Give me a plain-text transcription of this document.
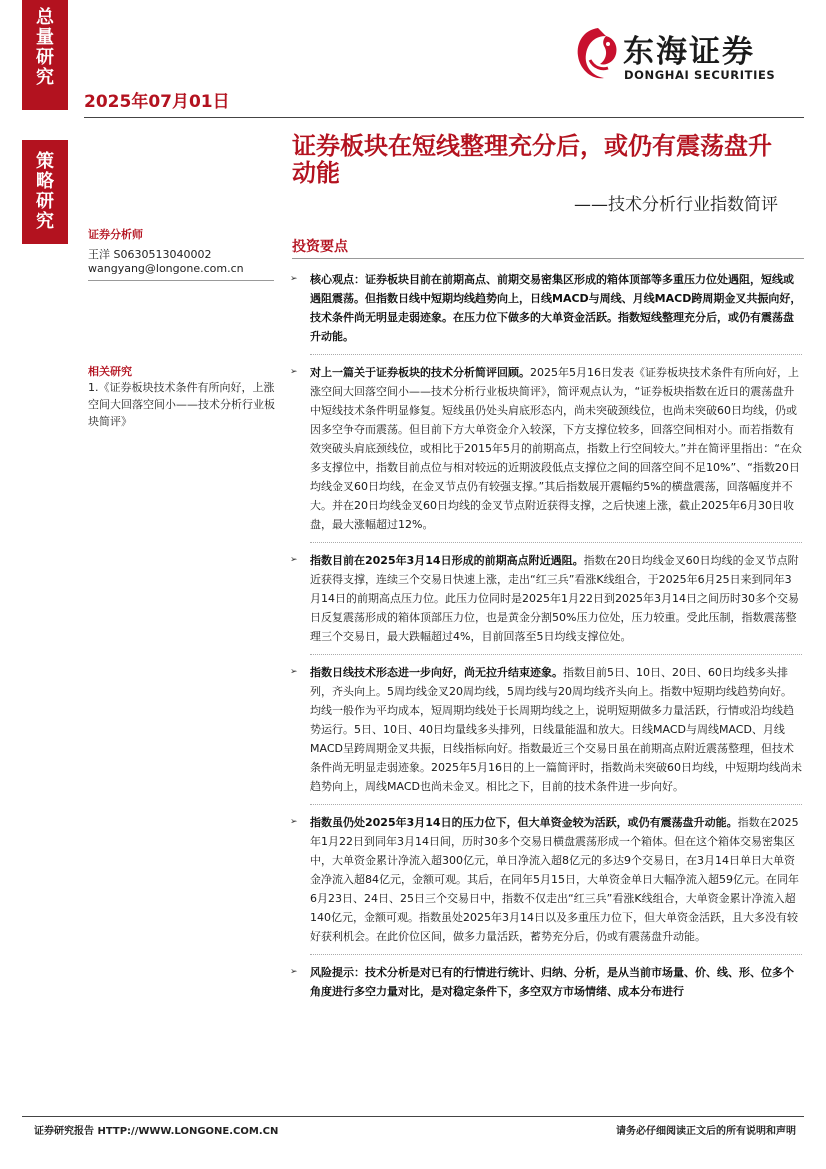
总
量
研
究
策
略
研
究
2025年07月01日
东海证券
DONGHAI SECURITIES
证券板块在短线整理充分后，或仍有震荡盘升动能
——技术分析行业指数简评
证券分析师
王洋 S0630513040002
wangyang@longone.com.cn
相关研究
1.《证券板块技术条件有所向好，上涨空间大回落空间小——技术分析行业板块简评》
投资要点
➢ 核心观点：证券板块目前在前期高点、前期交易密集区形成的箱体顶部等多重压力位处遇阻，短线或遇阻震荡。但指数日线中短期均线趋势向上，日线MACD与周线、月线MACD跨周期金叉共振向好，技术条件尚无明显走弱迹象。在压力位下做多的大单资金活跃。指数短线整理充分后，或仍有震荡盘升动能。
➢ 对上一篇关于证券板块的技术分析简评回顾。2025年5月16日发表《证券板块技术条件有所向好，上涨空间大回落空间小——技术分析行业板块简评》，简评观点认为，“证券板块指数在近日的震荡盘升中短线技术条件明显修复。短线虽仍处头肩底形态内，尚未突破颈线位，也尚未突破60日均线，仍或因多空争夺而震荡。但目前下方大单资金介入较深，下方支撑位较多，回落空间相对小。而若指数有效突破头肩底颈线位，或相比于2015年5月的前期高点，指数上行空间较大。”并在简评里指出：“在众多支撑位中，指数目前点位与相对较远的近期波段低点支撑位之间的回落空间不足10%”、“指数20日均线金叉60日均线，在金叉节点仍有较强支撑。”其后指数展开震幅约5%的横盘震荡，回落幅度并不大。并在20日均线金叉60日均线的金叉节点附近获得支撑，之后快速上涨，截止2025年6月30日收盘，最大涨幅超过12%。
➢ 指数目前在2025年3月14日形成的前期高点附近遇阻。指数在20日均线金叉60日均线的金叉节点附近获得支撑，连续三个交易日快速上涨，走出“红三兵”看涨K线组合，于2025年6月25日来到同年3月14日的前期高点压力位。此压力位同时是2025年1月22日到2025年3月14日之间历时30多个交易日反复震荡形成的箱体顶部压力位，也是黄金分割50%压力位处，压力较重。受此压制，指数震荡整理三个交易日，最大跌幅超过4%，目前回落至5日均线支撑位处。
➢ 指数日线技术形态进一步向好，尚无拉升结束迹象。指数目前5日、10日、20日、60日均线多头排列，齐头向上。5周均线金叉20周均线，5周均线与20周均线齐头向上。指数中短期均线趋势向好。均线一般作为平均成本，短周期均线处于长周期均线之上，说明短期做多力量活跃，行情或沿均线趋势运行。5日、10日、40日均量线多头排列，日线量能温和放大。日线MACD与周线MACD、月线MACD呈跨周期金叉共振，日线指标向好。指数最近三个交易日虽在前期高点附近震荡整理，但技术条件尚无明显走弱迹象。2025年5月16日的上一篇简评时，指数尚未突破60日均线，中短期均线尚未趋势向上，周线MACD也尚未金叉。相比之下，目前的技术条件进一步向好。
➢ 指数虽仍处2025年3月14日的压力位下，但大单资金较为活跃，或仍有震荡盘升动能。指数在2025年1月22日到同年3月14日间，历时30多个交易日横盘震荡形成一个箱体。但在这个箱体交易密集区中，大单资金累计净流入超300亿元，单日净流入超8亿元的多达9个交易日，在3月14日单日大单资金净流入超84亿元，金额可观。其后，在同年5月15日，大单资金单日大幅净流入超59亿元。在同年6月23日、24日、25日三个交易日中，指数不仅走出“红三兵”看涨K线组合，大单资金累计净流入超140亿元，金额可观。指数虽处2025年3月14日以及多重压力位下，但大单资金活跃，且大多没有较好获利机会。在此价位区间，做多力量活跃，蓄势充分后，仍或有震荡盘升动能。
➢ 风险提示：技术分析是对已有的行情进行统计、归纳、分析，是从当前市场量、价、线、形、位多个角度进行多空力量对比，是对稳定条件下，多空双方市场情绪、成本分布进行
证券研究报告 HTTP://WWW.LONGONE.COM.CN	请务必仔细阅读正文后的所有说明和声明
